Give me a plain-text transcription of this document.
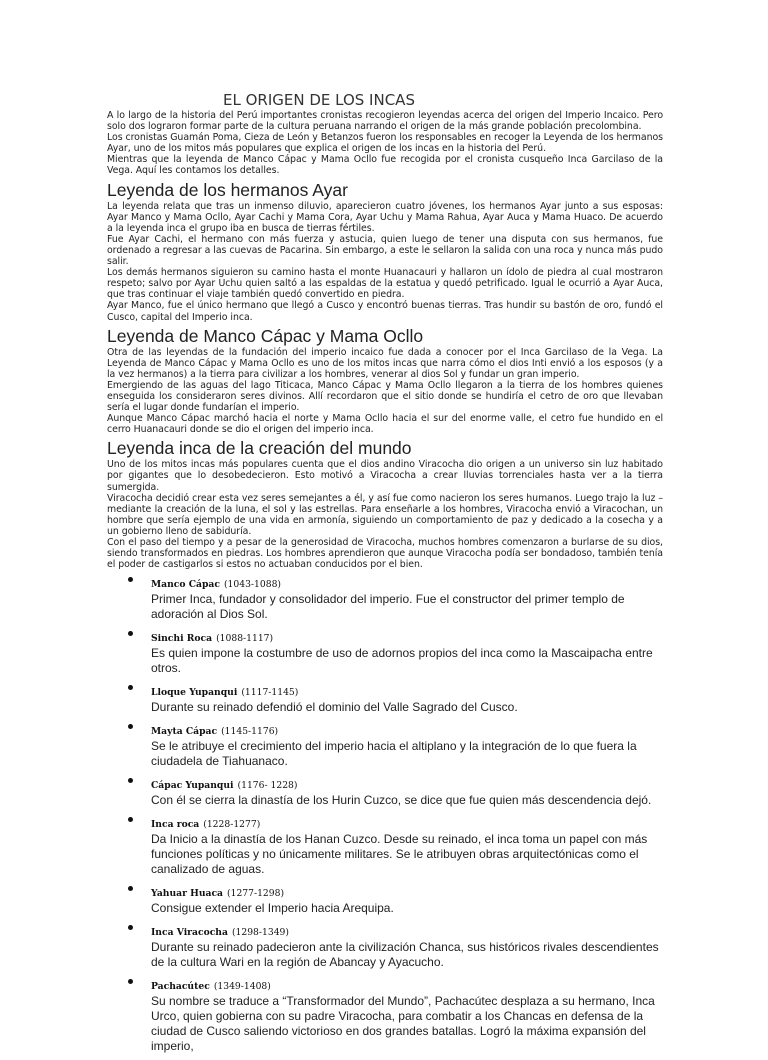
EL ORIGEN DE LOS INCAS

A lo largo de la historia del Perú importantes cronistas recogieron leyendas acerca del origen del Imperio Incaico. Pero solo dos lograron formar parte de la cultura peruana narrando el origen de la más grande población precolombina.

Los cronistas Guamán Poma, Cieza de León y Betanzos fueron los responsables en recoger la Leyenda de los hermanos Ayar, uno de los mitos más populares que explica el origen de los incas en la historia del Perú.

Mientras que la leyenda de Manco Cápac y Mama Ocllo fue recogida por el cronista cusqueño Inca Garcilaso de la Vega. Aquí les contamos los detalles.

Leyenda de los hermanos Ayar

La leyenda relata que tras un inmenso diluvio, aparecieron cuatro jóvenes, los hermanos Ayar junto a sus esposas: Ayar Manco y Mama Ocllo, Ayar Cachi y Mama Cora, Ayar Uchu y Mama Rahua, Ayar Auca y Mama Huaco. De acuerdo a la leyenda inca el grupo iba en busca de tierras fértiles.

Fue Ayar Cachi, el hermano con más fuerza y astucia, quien luego de tener una disputa con sus hermanos, fue ordenado a regresar a las cuevas de Pacarina. Sin embargo, a este le sellaron la salida con una roca y nunca más pudo salir.

Los demás hermanos siguieron su camino hasta el monte Huanacauri y hallaron un ídolo de piedra al cual mostraron respeto; salvo por Ayar Uchu quien saltó a las espaldas de la estatua y quedó petrificado. Igual le ocurrió a Ayar Auca, que tras continuar el viaje también quedó convertido en piedra.

Ayar Manco, fue el único hermano que llegó a Cusco y encontró buenas tierras. Tras hundir su bastón de oro, fundó el Cusco, capital del Imperio inca.

Leyenda de Manco Cápac y Mama Ocllo

Otra de las leyendas de la fundación del imperio incaico fue dada a conocer por el Inca Garcilaso de la Vega. La Leyenda de Manco Cápac y Mama Ocllo es uno de los mitos incas que narra cómo el dios Inti envió a los esposos (y a la vez hermanos) a la tierra para civilizar a los hombres, venerar al dios Sol y fundar un gran imperio.

Emergiendo de las aguas del lago Titicaca, Manco Cápac y Mama Ocllo llegaron a la tierra de los hombres quienes enseguida los consideraron seres divinos. Allí recordaron que el sitio donde se hundiría el cetro de oro que llevaban sería el lugar donde fundarían el imperio.

Aunque Manco Cápac marchó hacia el norte y Mama Ocllo hacia el sur del enorme valle, el cetro fue hundido en el cerro Huanacauri donde se dio el origen del imperio inca.

Leyenda inca de la creación del mundo

Uno de los mitos incas más populares cuenta que el dios andino Viracocha dio origen a un universo sin luz habitado por gigantes que lo desobedecieron. Esto motivó a Viracocha a crear lluvias torrenciales hasta ver a la tierra sumergida.

Viracocha decidió crear esta vez seres semejantes a él, y así fue como nacieron los seres humanos. Luego trajo la luz – mediante la creación de la luna, el sol y las estrellas. Para enseñarle a los hombres, Viracocha envió a Viracochan, un hombre que sería ejemplo de una vida en armonía, siguiendo un comportamiento de paz y dedicado a la cosecha y a un gobierno lleno de sabiduría.

Con el paso del tiempo y a pesar de la generosidad de Viracocha, muchos hombres comenzaron a burlarse de su dios, siendo transformados en piedras. Los hombres aprendieron que aunque Viracocha podía ser bondadoso, también tenía el poder de castigarlos si estos no actuaban conducidos por el bien.

Manco Cápac (1043-1088)
Primer Inca, fundador y consolidador del imperio. Fue el constructor del primer templo de adoración al Dios Sol.
Sinchi Roca (1088-1117)
Es quien impone la costumbre de uso de adornos propios del inca como la Mascaipacha entre otros.
Lloque Yupanqui (1117-1145)
Durante su reinado defendió el dominio del Valle Sagrado del Cusco.
Mayta Cápac (1145-1176)
Se le atribuye el crecimiento del imperio hacia el altiplano y la integración de lo que fuera la ciudadela de Tiahuanaco.
Cápac Yupanqui (1176- 1228)
Con él se cierra la dinastía de los Hurin Cuzco, se dice que fue quien más descendencia dejó.
Inca roca (1228-1277)
Da Inicio a la dinastía de los Hanan Cuzco. Desde su reinado, el inca toma un papel con más funciones políticas y no únicamente militares. Se le atribuyen obras arquitectónicas como el canalizado de aguas.
Yahuar Huaca (1277-1298)
Consigue extender el Imperio hacia Arequipa.
Inca Viracocha (1298-1349)
Durante su reinado padecieron ante la civilización Chanca, sus históricos rivales descendientes de la cultura Wari en la región de Abancay y Ayacucho.
Pachacútec (1349-1408)
Su nombre se traduce a “Transformador del Mundo”, Pachacútec desplaza a su hermano, Inca Urco, quien gobierna con su padre Viracocha, para combatir a los Chancas en defensa de la ciudad de Cusco saliendo victorioso en dos grandes batallas. Logró la máxima expansión del imperio,
